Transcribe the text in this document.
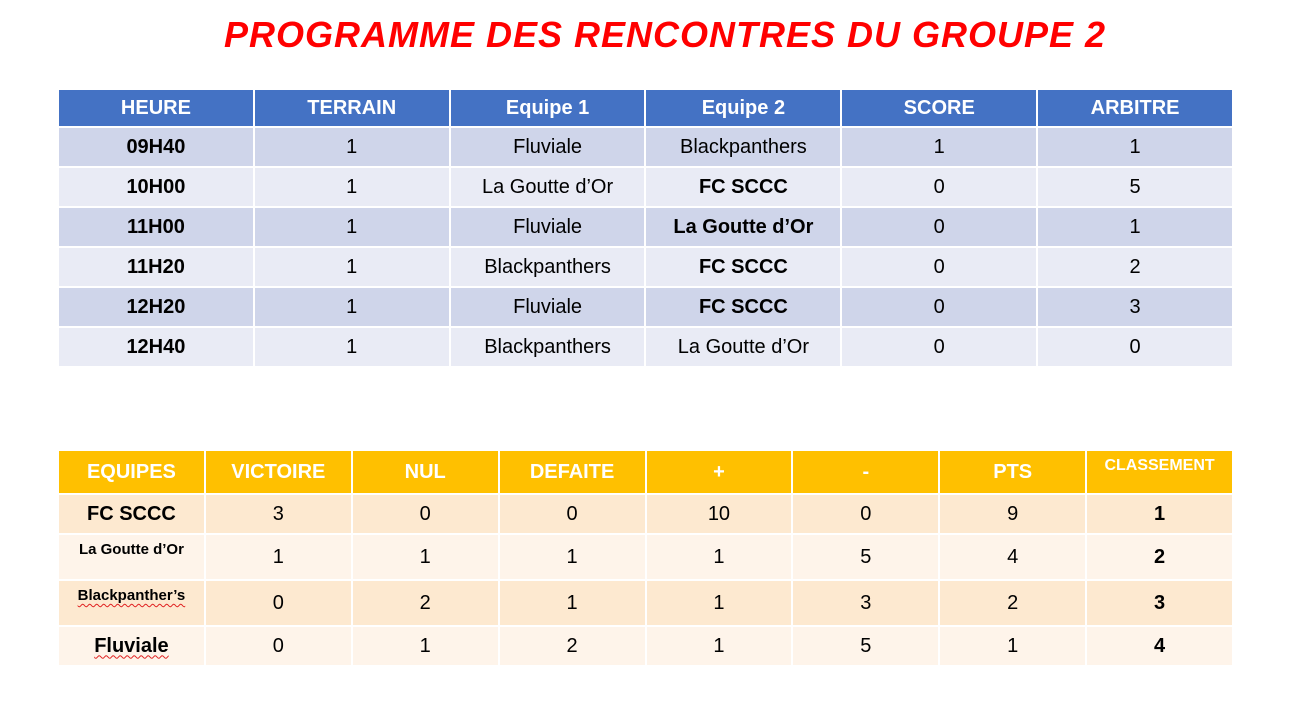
PROGRAMME DES RENCONTRES DU GROUPE 2
HEURE	TERRAIN	Equipe 1	Equipe 2	SCORE	ARBITRE
09H40	1	Fluviale	Blackpanthers	1	1
10H00	1	La Goutte d’Or	FC SCCC	0	5
11H00	1	Fluviale	La Goutte d’Or	0	1
11H20	1	Blackpanthers	FC SCCC	0	2
12H20	1	Fluviale	FC SCCC	0	3
12H40	1	Blackpanthers	La Goutte d’Or	0	0
EQUIPES	VICTOIRE	NUL	DEFAITE	+	-	PTS	CLASSEMENT
FC SCCC	3	0	0	10	0	9	1
La Goutte d’Or	1	1	1	1	5	4	2
Blackpanther’s	0	2	1	1	3	2	3
Fluviale	0	1	2	1	5	1	4
